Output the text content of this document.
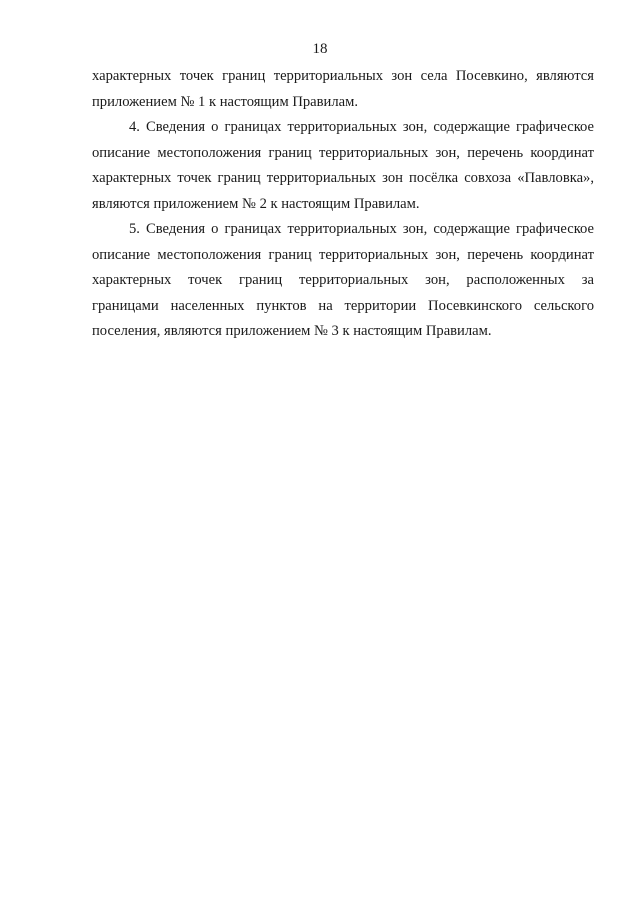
18
характерных точек границ территориальных зон села Посевкино, являются
приложением № 1 к настоящим Правилам.
4. Сведения о границах территориальных зон, содержащие графическое
описание местоположения границ территориальных зон, перечень координат
характерных точек границ территориальных зон посёлка совхоза «Павловка»,
являются приложением № 2 к настоящим Правилам.
5. Сведения о границах территориальных зон, содержащие графическое
описание местоположения границ территориальных зон, перечень координат
характерных точек границ территориальных зон, расположенных за
границами населенных пунктов на территории Посевкинского сельского
поселения, являются приложением № 3 к настоящим Правилам.
